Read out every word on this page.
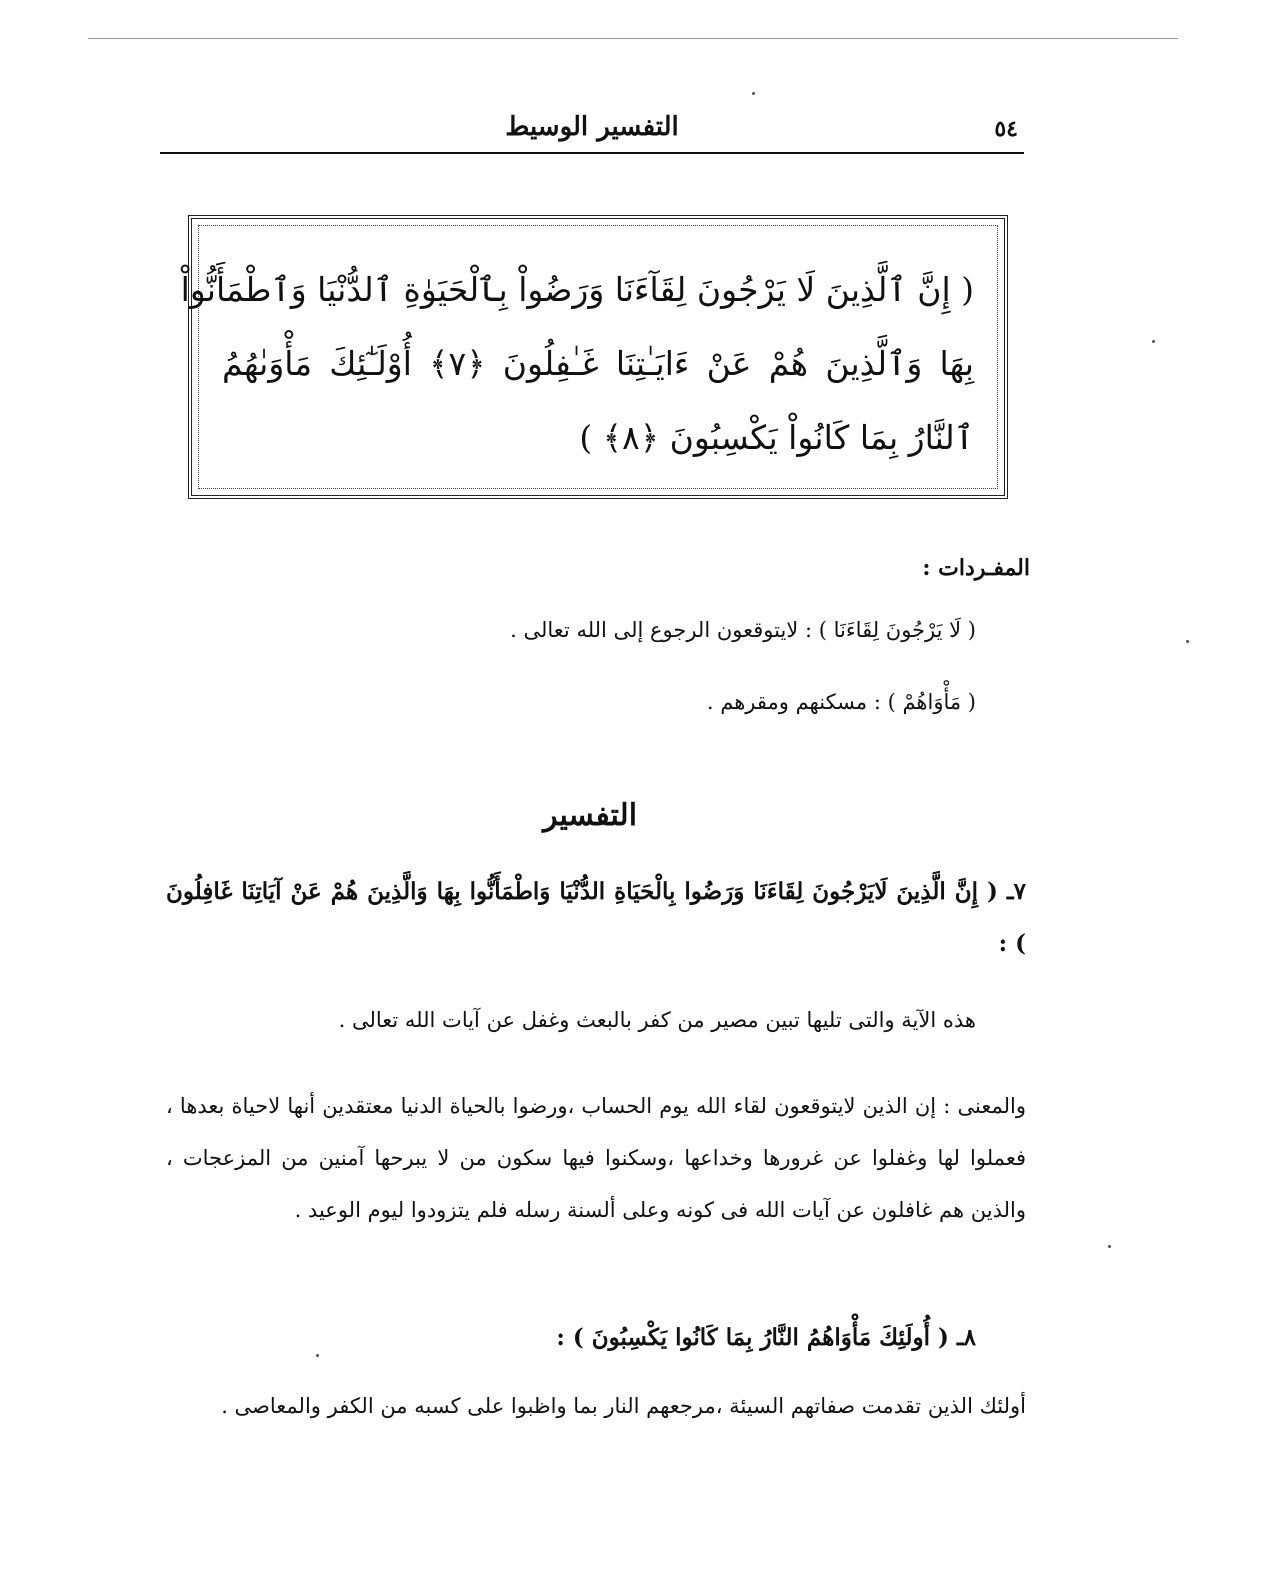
٥٤
التفسير الوسيط
( إِنَّ ٱلَّذِينَ لَا يَرْجُونَ لِقَآءَنَا وَرَضُواْ بِٱلْحَيَوٰةِ ٱلدُّنْيَا وَٱطْمَأَنُّواْ
بِهَا وَٱلَّذِينَ هُمْ عَنْ ءَايَـٰتِنَا غَـٰفِلُونَ ﴿٧﴾ أُوْلَـٰٓئِكَ مَأْوَىٰهُمُ
ٱلنَّارُ بِمَا كَانُواْ يَكْسِبُونَ ﴿٨﴾ )
المفـردات :
( لَا يَرْجُونَ لِقَاءَنَا ) : لايتوقعون الرجوع إلى الله تعالى .
( مَأْوَاهُمْ ) : مسكنهم ومقرهم .
التفسير
٧ـ ( إِنَّ الَّذِينَ لَايَرْجُونَ لِقَاءَنَا وَرَضُوا بِالْحَيَاةِ الدُّنْيَا وَاطْمَأَنُّوا بِهَا وَالَّذِينَ هُمْ عَنْ آيَاتِنَا غَافِلُونَ ) :
هذه الآية والتى تليها تبين مصير من كفر بالبعث وغفل عن آيات الله تعالى .
والمعنى : إن الذين لايتوقعون لقاء الله يوم الحساب ،ورضوا بالحياة الدنيا معتقدين أنها لاحياة بعدها ، فعملوا لها وغفلوا عن غرورها وخداعها ،وسكنوا فيها سكون من لا يبرحها آمنين من المزعجات ، والذين هم غافلون عن آيات الله فى كونه وعلى ألسنة رسله فلم يتزودوا ليوم الوعيد .
٨ـ ( أُولَئِكَ مَأْوَاهُمُ النَّارُ بِمَا كَانُوا يَكْسِبُونَ ) :
أولئك الذين تقدمت صفاتهم السيئة ،مرجعهم النار بما واظبوا على كسبه من الكفر والمعاصى .
